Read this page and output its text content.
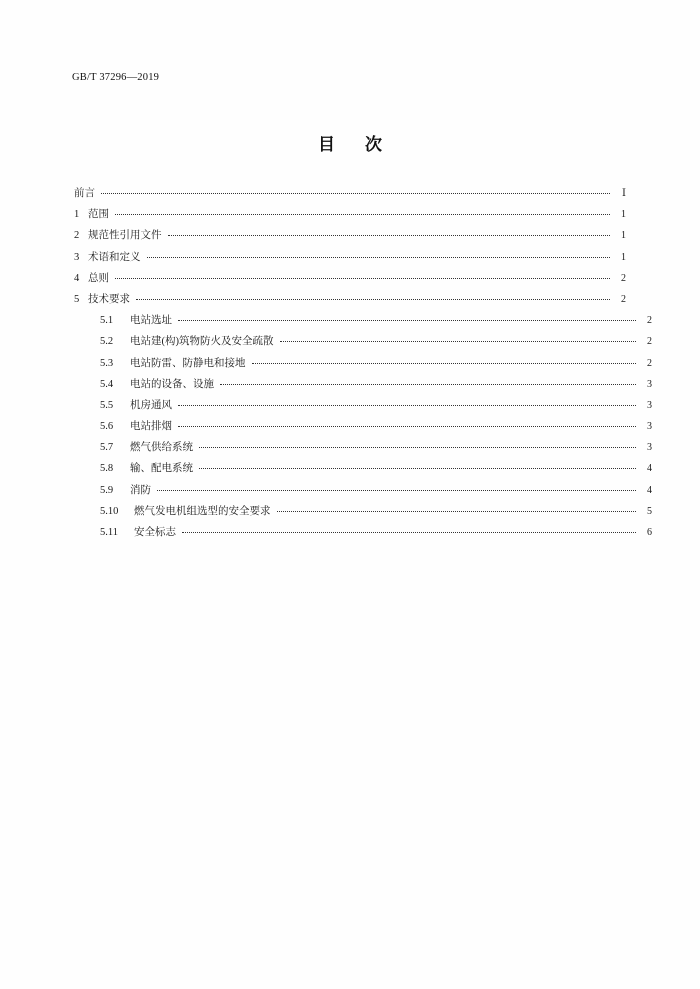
GB/T 37296—2019
目 次
前言	Ⅰ
1 范围	1
2 规范性引用文件	1
3 术语和定义	1
4 总则	2
5 技术要求	2
5.1	电站选址	2
5.2	电站建(构)筑物防火及安全疏散	2
5.3	电站防雷、防静电和接地	2
5.4	电站的设备、设施	3
5.5	机房通风	3
5.6	电站排烟	3
5.7	燃气供给系统	3
5.8	输、配电系统	4
5.9	消防	4
5.10	燃气发电机组选型的安全要求	5
5.11	安全标志	6
